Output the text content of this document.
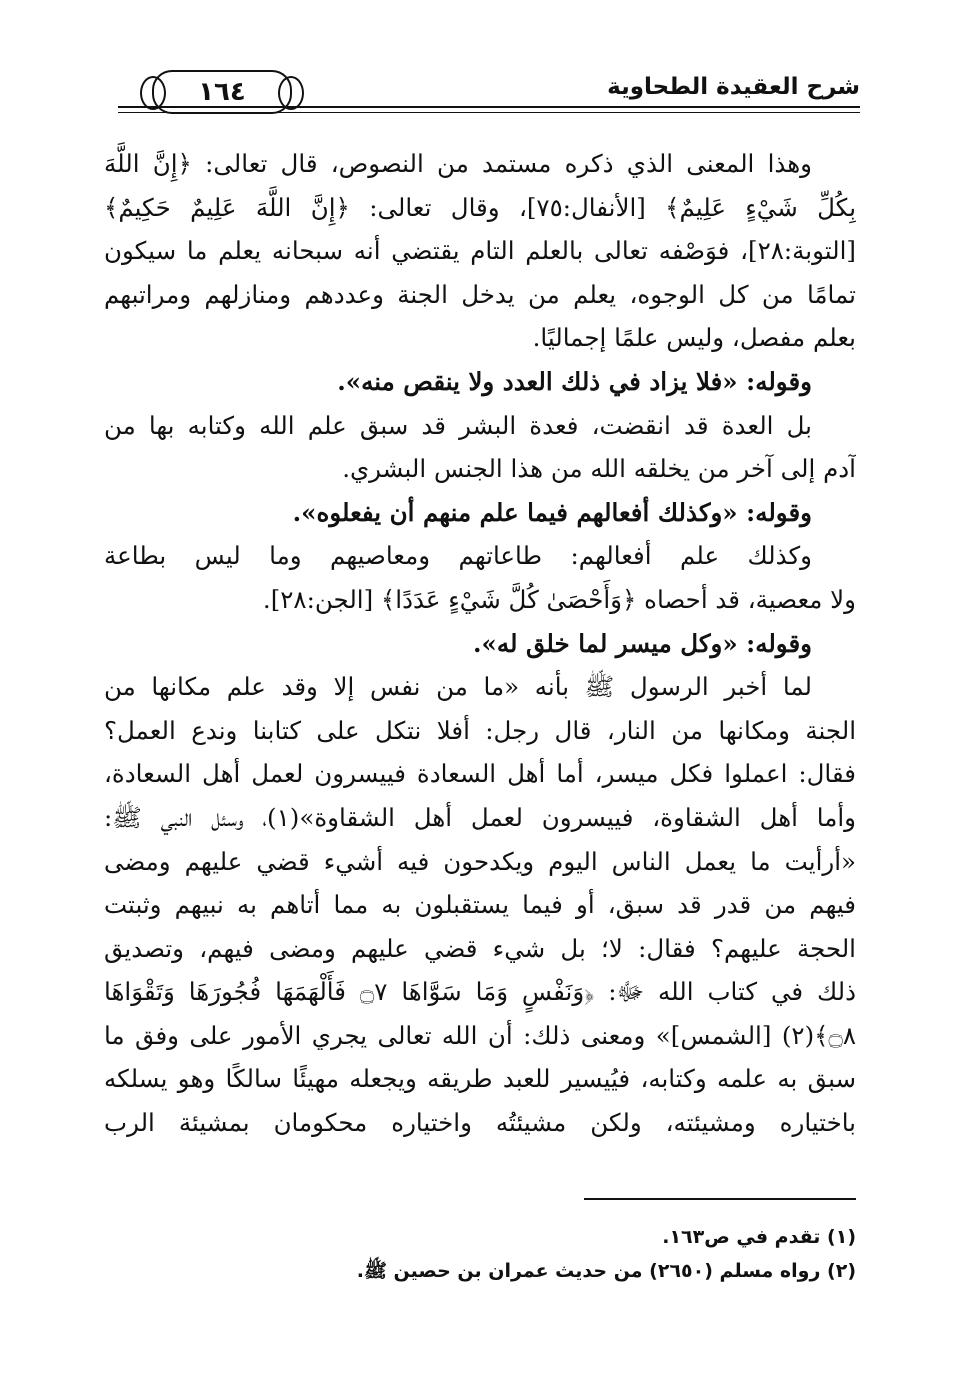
شرح العقيدة الطحاوية
١٦٤
وهذا المعنى الذي ذكره مستمد من النصوص، قال تعالى: ﴿إِنَّ اللَّهَ
بِكُلِّ شَيْءٍ عَلِيمٌ﴾ [الأنفال:٧٥]، وقال تعالى: ﴿إِنَّ اللَّهَ عَلِيمٌ حَكِيمٌ﴾
[التوبة:٢٨]، فوَصْفه تعالى بالعلم التام يقتضي أنه سبحانه يعلم ما سيكون
تمامًا من كل الوجوه، يعلم من يدخل الجنة وعددهم ومنازلهم ومراتبهم
بعلم مفصل، وليس علمًا إجماليًا.
وقوله: «فلا يزاد في ذلك العدد ولا ينقص منه».
بل العدة قد انقضت، فعدة البشر قد سبق علم الله وكتابه بها من
آدم إلى آخر من يخلقه الله من هذا الجنس البشري.
وقوله: «وكذلك أفعالهم فيما علم منهم أن يفعلوه».
وكذلك علم أفعالهم: طاعاتهم ومعاصيهم وما ليس بطاعة
ولا معصية، قد أحصاه ﴿وَأَحْصَىٰ كُلَّ شَيْءٍ عَدَدًا﴾ [الجن:٢٨].
وقوله: «وكل ميسر لما خلق له».
لما أخبر الرسول ﷺ بأنه «ما من نفس إلا وقد علم مكانها من
الجنة ومكانها من النار، قال رجل: أفلا نتكل على كتابنا وندع العمل؟
فقال: اعملوا فكل ميسر، أما أهل السعادة فييسرون لعمل أهل السعادة،
وأما أهل الشقاوة، فييسرون لعمل أهل الشقاوة»(١)، وسئل النبي ﷺ:
«أرأيت ما يعمل الناس اليوم ويكدحون فيه أشيء قضي عليهم ومضى
فيهم من قدر قد سبق، أو فيما يستقبلون به مما أتاهم به نبيهم وثبتت
الحجة عليهم؟ فقال: لا؛ بل شيء قضي عليهم ومضى فيهم، وتصديق
ذلك في كتاب الله ﷻ: ﴿وَنَفْسٍ وَمَا سَوَّاهَا ۝٧ فَأَلْهَمَهَا فُجُورَهَا وَتَقْوَاهَا
۝٨﴾(٢) [الشمس]» ومعنى ذلك: أن الله تعالى يجري الأمور على وفق ما
سبق به علمه وكتابه، فيُيسير للعبد طريقه ويجعله مهيئًا سالكًا وهو يسلكه
باختياره ومشيئته، ولكن مشيئتُه واختياره محكومان بمشيئة الرب
(١) تقدم في ص١٦٣.
(٢) رواه مسلم (٢٦٥٠) من حديث عمران بن حصين ﷺ.
